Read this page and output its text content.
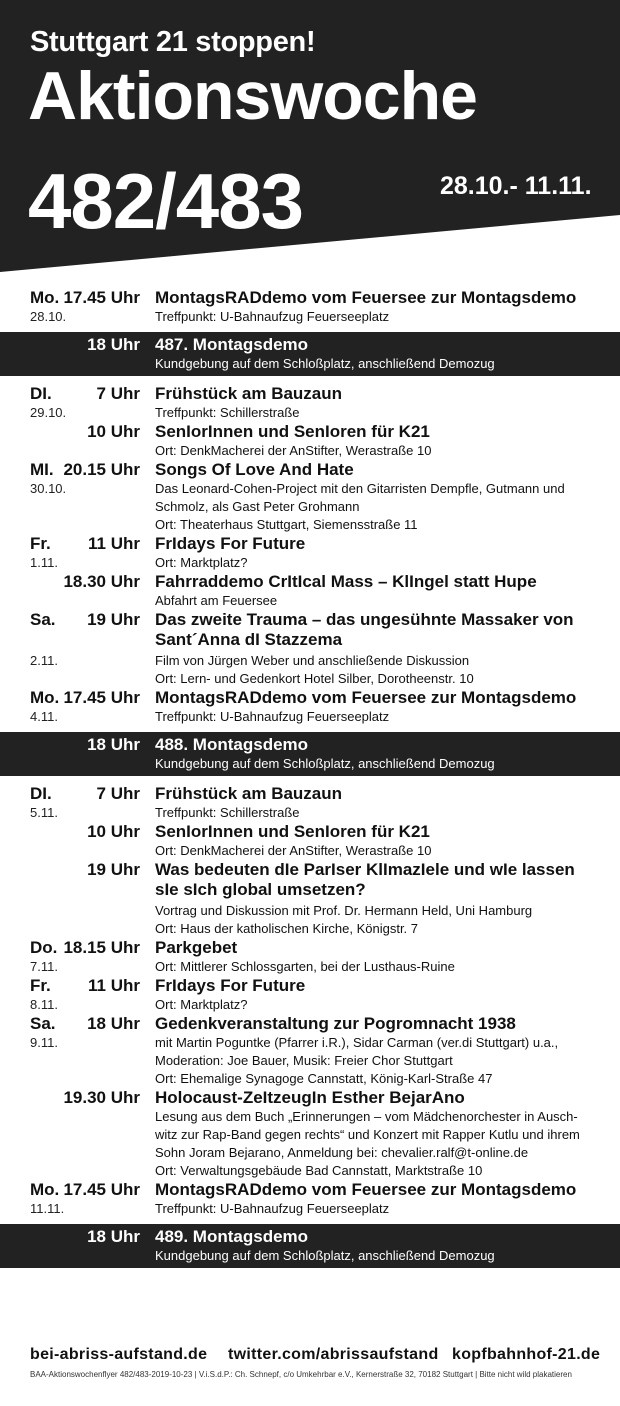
Stuttgart 21 stoppen!
Aktionswoche
482/483	28.10.- 11.11.
Mo. 17.45 Uhr MontagsRADdemo vom Feuersee zur Montagsdemo
28.10.	Treffpunkt: U-Bahnaufzug Feuerseeplatz
18 Uhr 487. Montagsdemo
Kundgebung auf dem Schloßplatz, anschließend Demozug
DI.	7 Uhr Frühstück am Bauzaun
29.10.	Treffpunkt: Schillerstraße
10 Uhr SenIorInnen und SenIoren für K21
Ort: DenkMacherei der AnStifter, Werastraße 10
MI. 20.15 Uhr Songs Of Love And Hate
30.10.	Das Leonard-Cohen-Project mit den Gitarristen Dempfle, Gutmann und
Schmolz, als Gast Peter Grohmann
Ort: Theaterhaus Stuttgart, Siemensstraße 11
Fr. 11 Uhr FrIdays For Future
1.11.	Ort: Marktplatz?
18.30 Uhr Fahrraddemo CrItIcal Mass – KlIngel statt Hupe
Abfahrt am Feuersee
Sa. 19 Uhr Das zweite Trauma – das ungesühnte Massaker von
Sant´Anna dI Stazzema
2.11.	Film von Jürgen Weber und anschließende Diskussion
Ort: Lern- und Gedenkort Hotel Silber, Dorotheenstr. 10
Mo. 17.45 Uhr MontagsRADdemo vom Feuersee zur Montagsdemo
4.11.	Treffpunkt: U-Bahnaufzug Feuerseeplatz
18 Uhr 488. Montagsdemo
Kundgebung auf dem Schloßplatz, anschließend Demozug
DI.	7 Uhr Frühstück am Bauzaun
5.11.	Treffpunkt: Schillerstraße
10 Uhr SenIorInnen und SenIoren für K21
Ort: DenkMacherei der AnStifter, Werastraße 10
19 Uhr Was bedeuten dIe ParIser KlImazIele und wIe lassen
sIe sIch global umsetzen?
Vortrag und Diskussion mit Prof. Dr. Hermann Held, Uni Hamburg
Ort: Haus der katholischen Kirche, Königstr. 7
Do. 18.15 Uhr Parkgebet
7.11.	Ort: Mittlerer Schlossgarten, bei der Lusthaus-Ruine
Fr. 11 Uhr FrIdays For Future
8.11.	Ort: Marktplatz?
Sa. 18 Uhr Gedenkveranstaltung zur Pogromnacht 1938
9.11.	mit Martin Poguntke (Pfarrer i.R.), Sidar Carman (ver.di Stuttgart) u.a.,
Moderation: Joe Bauer, Musik: Freier Chor Stuttgart
Ort: Ehemalige Synagoge Cannstatt, König-Karl-Straße 47
19.30 Uhr Holocaust-ZeItzeugIn Esther BejarAno
Lesung aus dem Buch „Erinnerungen – vom Mädchenorchester in Ausch-
witz zur Rap-Band gegen rechts“ und Konzert mit Rapper Kutlu und ihrem
Sohn Joram Bejarano, Anmeldung bei: chevalier.ralf@t-online.de
Ort: Verwaltungsgebäude Bad Cannstatt, Marktstraße 10
Mo. 17.45 Uhr MontagsRADdemo vom Feuersee zur Montagsdemo
11.11.	Treffpunkt: U-Bahnaufzug Feuerseeplatz
18 Uhr 489. Montagsdemo
Kundgebung auf dem Schloßplatz, anschließend Demozug
bei-abriss-aufstand.de twitter.com/abrissaufstand kopfbahnhof-21.de
BAA-Aktionswochenflyer 482/483-2019-10-23 | V.i.S.d.P.: Ch. Schnepf, c/o Umkehrbar e.V., Kernerstraße 32, 70182 Stuttgart | Bitte nicht wild plakatieren
